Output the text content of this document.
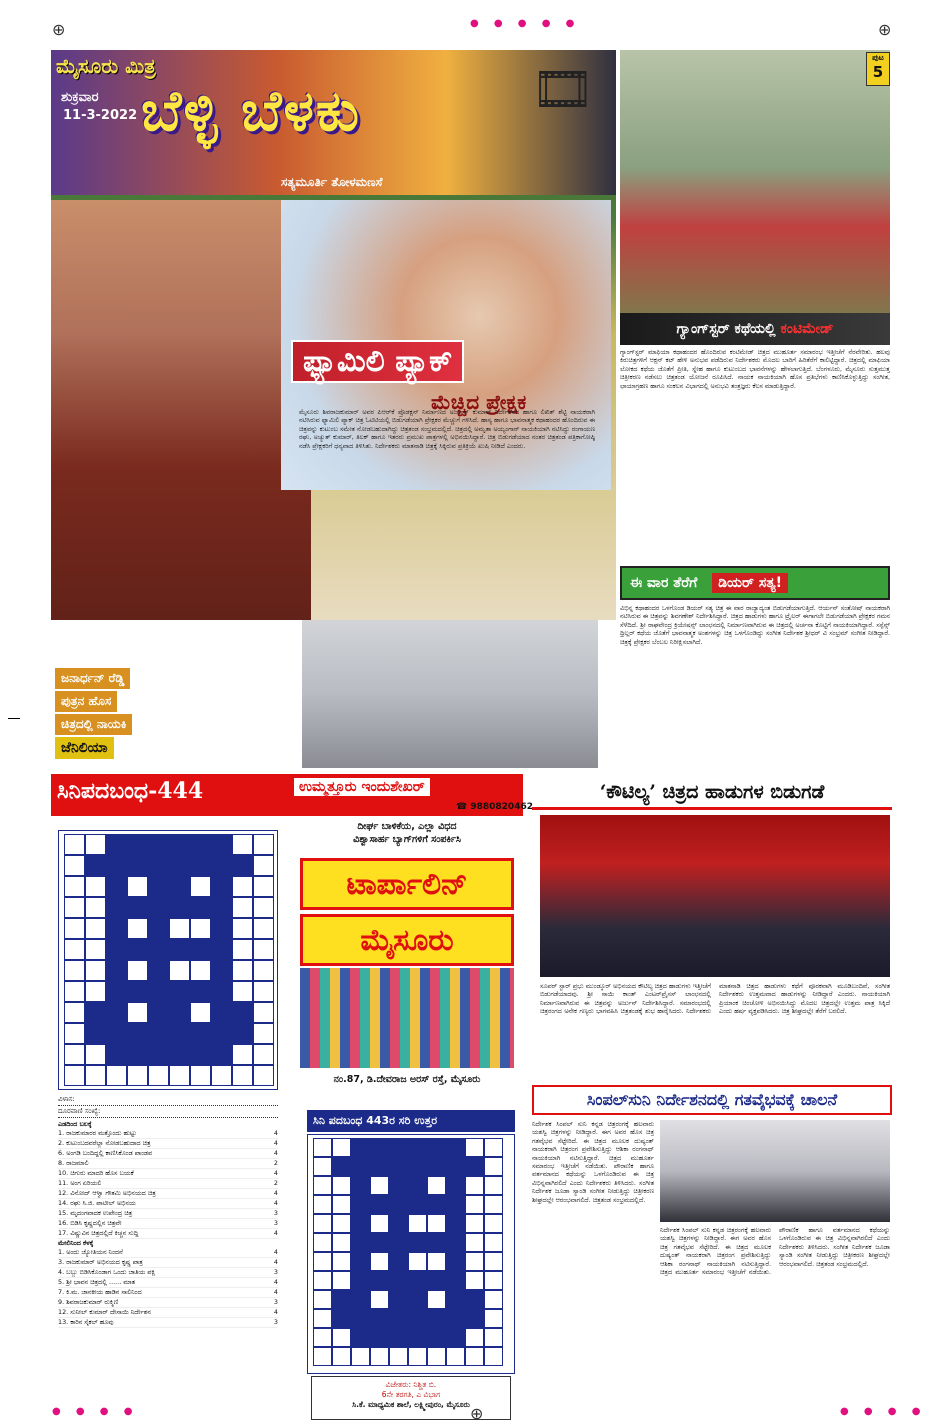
⊕	● ● ● ● ●	⊕
ಮೈಸೂರು ಮಿತ್ರ
ಶುಕ್ರವಾರ
11-3-2022 ಬೆಳ್ಳಿ ಬೆಳಕು
ಸತ್ಯಮೂರ್ತಿ ತೋಳಮಣಸೆ
🎞
ಫ್ಯಾಮಿಲಿ ಪ್ಯಾಕ್
ಮೆಚ್ಚಿದ ಪ್ರೇಕ್ಷಕ
ಮೈಸೂರು ಶಿವರಾಜಕುಮಾರ್ ಅವರ ಪಿಆರ್‌ಕೆ ಪ್ರೊಡಕ್ಷನ್ ನಿರ್ಮಾಣದ ಅರ್ಜುನ್ ಕುಮಾರ್ ನಿರ್ದೇಶನದ ಹಾಗೂ ಲಿಖಿತ್ ಶೆಟ್ಟಿ ನಾಯಕರಾಗಿ ನಟಿಸಿರುವ ಫ್ಯಾಮಿಲಿ ಪ್ಯಾಕ್ ಚಿತ್ರ ಓಟಿಟಿಯಲ್ಲಿ ಬಿಡುಗಡೆಯಾಗಿ ಪ್ರೇಕ್ಷಕರ ಮೆಚ್ಚುಗೆ ಗಳಿಸಿದೆ. ಹಾಸ್ಯ ಹಾಗೂ ಭಾವನಾತ್ಮಕ ಕಥಾಹಂದರ ಹೊಂದಿರುವ ಈ ಚಿತ್ರವನ್ನು ಕುಟುಂಬ ಸಮೇತ ನೋಡಬಹುದಾಗಿದ್ದು ಚಿತ್ರತಂಡ ಸಂಭ್ರಮದಲ್ಲಿದೆ. ಚಿತ್ರದಲ್ಲಿ ಅಮೃತಾ ಅಯ್ಯಂಗಾರ್ ನಾಯಕಿಯಾಗಿ ನಟಿಸಿದ್ದು ರಂಗಾಯಣ ರಘು, ಅಚ್ಯುತ್ ಕುಮಾರ್, ತಿಲಕ್ ಹಾಗೂ ಇತರರು ಪ್ರಮುಖ ಪಾತ್ರಗಳಲ್ಲಿ ಅಭಿನಯಿಸಿದ್ದಾರೆ. ಚಿತ್ರ ಬಿಡುಗಡೆಯಾದ ನಂತರ ಚಿತ್ರತಂಡ ಪತ್ರಿಕಾಗೋಷ್ಠಿ ನಡೆಸಿ ಪ್ರೇಕ್ಷಕರಿಗೆ ಧನ್ಯವಾದ ತಿಳಿಸಿತು. ನಿರ್ದೇಶಕರು ಮಾತನಾಡಿ ಚಿತ್ರಕ್ಕೆ ಸಿಕ್ಕಿರುವ ಪ್ರತಿಕ್ರಿಯೆ ಖುಷಿ ನೀಡಿದೆ ಎಂದರು.
ಜನಾರ್ಧನ್ ರೆಡ್ಡಿ
ಪುತ್ರನ ಹೊಸ
ಚಿತ್ರದಲ್ಲಿ ನಾಯಕಿ
ಜೆನಿಲಿಯಾ
ಪುಟ
5
ಗ್ಯಾಂಗ್‌ಸ್ಟರ್ ಕಥೆಯಲ್ಲಿ ಕಂಟಿಮೇಡ್
ಗ್ಯಾಂಗ್‌ಸ್ಟರ್ ಮಾಫಿಯಾ ಕಥಾಹಂದರ ಹೊಂದಿರುವ ಕಂಟಿಮೇಡ್ ಚಿತ್ರದ ಮುಹೂರ್ತ ಸಮಾರಂಭ ಇತ್ತೀಚೆಗೆ ನೆರವೇರಿತು. ಹಲವು ಕಿರುಚಿತ್ರಗಳಿಗೆ ಆಕ್ಷನ್ ಕಟ್ ಹೇಳಿ ಅನುಭವ ಪಡೆದಿರುವ ನಿರ್ದೇಶಕರು ಮೊದಲ ಬಾರಿಗೆ ಹಿರಿತೆರೆಗೆ ಕಾಲಿಟ್ಟಿದ್ದಾರೆ. ಚಿತ್ರದಲ್ಲಿ ಮಾಫಿಯಾ ಲೋಕದ ಕಥೆಯ ಜೊತೆಗೆ ಪ್ರೀತಿ, ಸ್ನೇಹ ಹಾಗೂ ಕುಟುಂಬದ ಭಾವನೆಗಳನ್ನು ಹೇಳಲಾಗುತ್ತಿದೆ. ಬೆಂಗಳೂರು, ಮೈಸೂರು ಸುತ್ತಮುತ್ತ ಚಿತ್ರೀಕರಣ ನಡೆಸಲು ಚಿತ್ರತಂಡ ಯೋಜನೆ ರೂಪಿಸಿದೆ. ನಾಯಕ ನಾಯಕಿಯಾಗಿ ಹೊಸ ಪ್ರತಿಭೆಗಳು ಕಾಣಿಸಿಕೊಳ್ಳುತ್ತಿದ್ದು ಸಂಗೀತ, ಛಾಯಾಗ್ರಹಣ ಹಾಗೂ ಸಂಕಲನ ವಿಭಾಗದಲ್ಲಿ ಅನುಭವಿ ತಂತ್ರಜ್ಞರು ಕೆಲಸ ಮಾಡುತ್ತಿದ್ದಾರೆ.
ಈ ವಾರ ತೆರೆಗೆ ಡಿಯರ್ ಸತ್ಯ!
ವಿಭಿನ್ನ ಕಥಾಹಂದರ ಒಳಗೊಂಡ ಡಿಯರ್ ಸತ್ಯ ಚಿತ್ರ ಈ ವಾರ ರಾಜ್ಯಾದ್ಯಂತ ಬಿಡುಗಡೆಯಾಗುತ್ತಿದೆ. ಆರ್ಯನ್ ಸಂತೋಷ್ ನಾಯಕರಾಗಿ ನಟಿಸಿರುವ ಈ ಚಿತ್ರವನ್ನು ಶಿವಗಣೇಶ್ ನಿರ್ದೇಶಿಸಿದ್ದಾರೆ. ಚಿತ್ರದ ಹಾಡುಗಳು ಹಾಗೂ ಟ್ರೈಲರ್ ಈಗಾಗಲೇ ಬಿಡುಗಡೆಯಾಗಿ ಪ್ರೇಕ್ಷಕರ ಗಮನ ಸೆಳೆದಿದೆ. ಶ್ರೀ ರಾಘವೇಂದ್ರ ಕ್ರಿಯೇಷನ್ಸ್ ಲಾಂಛನದಲ್ಲಿ ನಿರ್ಮಾಣವಾಗಿರುವ ಈ ಚಿತ್ರದಲ್ಲಿ ಅರ್ಚನಾ ಕೊಟ್ಟಿಗೆ ನಾಯಕಿಯಾಗಿದ್ದಾರೆ. ಸಸ್ಪೆನ್ಸ್ ಥ್ರಿಲ್ಲರ್ ಕಥೆಯ ಜೊತೆಗೆ ಭಾವನಾತ್ಮಕ ಅಂಶಗಳನ್ನು ಚಿತ್ರ ಒಳಗೊಂಡಿದ್ದು ಸಂಗೀತ ನಿರ್ದೇಶಕ ಶ್ರೀಧರ್ ವಿ ಸಂಭ್ರಮ್ ಸಂಗೀತ ನೀಡಿದ್ದಾರೆ. ಚಿತ್ರಕ್ಕೆ ಪ್ರೇಕ್ಷಕರ ಬೆಂಬಲ ನಿರೀಕ್ಷಿಸಲಾಗಿದೆ.
ಸಿನಿಪದಬಂಧ-444	ಉಮ್ಮತ್ತೂರು ಇಂದುಶೇಖರ್
☎ 9880820462
ವಿಳಾಸ:
ದೂರವಾಣಿ ಸಂಖ್ಯೆ:
ಎಡದಿಂದ ಬಲಕ್ಕೆ
1. ರಾಜಕುಮಾರರ ಮತ್ತೊಂದು ಹುಟ್ಟು	4
2. ಕುಟುಂಬದವರೆಲ್ಲಾ ನೋಡಬಹುದಾದ ಚಿತ್ರ	4
6. ಅಂಗಡಿ ಬಂದಿದ್ದಲ್ಲಿ ಕಾಣಿಸಿಕೊಂಡ ಪಾಂಡವ	4
8. ರಾಜಮಾಲಿ	2
10. ಚಿಗುರು ಮಾದರಿ ಹೊಸ ಬಯಕೆ	4
11. ಅಂಗ ಏರಿಯಲಿ	2
12. ವಿನೋದ್ ಆಳ್ವಾ ಗೌತಮಿ ಅಭಿನಯದ ಚಿತ್ರ	4
14. ರಘು ಸಿ.ಜಿ. ಪಾಟೀಲ್ ಅಭಿನಯ	4
15. ಮೃದಂಗವಾದಕ ಉಪೇಂದ್ರ ಚಿತ್ರ	3
16. ಬಿಡಿಸಿ ಕೃಷ್ಣದಲ್ಲಿನ ಚಿತ್ರವೇ	3
17. ವಿಷ್ಣುವಿನ ಚಿತ್ರದಲ್ಲಿದೆ ಕಿಚ್ಚನ ಸುದ್ದಿ	4
ಮೇಲಿನಿಂದ ಕೆಳಕ್ಕೆ
1. ಅಂದು ಜ್ಯೋತಿಯನ ನಿಂದನೆ	4
3. ರಾಜಕುಮಾರ್ ಅಭಿನಯದ ಕೃಷ್ಣ ಪಾತ್ರ	4
4. ಬಬ್ಬು ಬಿಡಿಸಿಕೊಂಡಾಗ ಒಂದು ಜಾತಿಯ ಪಕ್ಷಿ	3
5. ಶ್ರೀ ಭಾವನ ಚಿತ್ರದಲ್ಲಿ ...... ಮಾತ	4
7. ಕಿ.ಮ. ಜಾನಕೀಯ ಹಾಡಿನ ಸಾಲಿನಿಂದ	4
9. ಶಿವರಾಜಕುಮಾರ್ ರುಕ್ಮಿಣಿ	3
12. ಸುನೀಲ್ ಕುಮಾರ್ ದೇಸಾಯಿ ನಿರ್ದೇಶನ	4
13. ಕಾರಿನ ಸೈಕಲ್ ಹೂವು	3
ದೀರ್ಘ ಬಾಳಿಕೆಯ, ಎಲ್ಲಾ ವಿಧದ
ವಿಶ್ವಾಸಾರ್ಹ ಬ್ಯಾಗ್‌ಗಳಿಗೆ ಸಂಪರ್ಕಿಸಿ
ಟಾರ್ಪಾಲಿನ್
ಮೈಸೂರು
ನಂ.87, ಡಿ.ದೇವರಾಜ ಅರಸ್ ರಸ್ತೆ, ಮೈಸೂರು
ಸಿನಿ ಪದಬಂಧ 443ರ ಸರಿ ಉತ್ತರ
ವಿಜೇತರು: ನಿಶ್ಚಿತ ಬಿ.
6ನೇ ತರಗತಿ, ಎ ವಿಭಾಗ
ಸಿ.ಕೆ. ಮಾಧ್ಯಮಿಕ ಶಾಲೆ, ಲಕ್ಷ್ಮೀಪುರಂ, ಮೈಸೂರು
‘ಕೌಟಿಲ್ಯ’ ಚಿತ್ರದ ಹಾಡುಗಳ ಬಿಡುಗಡೆ
ಸೂಪರ್ ಸ್ಟಾರ್ ಪ್ರಭು ಮುಂಡ್ಕೂರ್ ಅಭಿನಯದ ಕೌಟಿಲ್ಯ ಚಿತ್ರದ ಹಾಡುಗಳು ಇತ್ತೀಚೆಗೆ ಬಿಡುಗಡೆಯಾದವು. ಶ್ರೀ ಸಾಯಿ ಕಾಂತ್ ಎಂಟರ್‌ಪ್ರೈಸಸ್ ಲಾಂಛನದಲ್ಲಿ ನಿರ್ಮಾಣವಾಗಿರುವ ಈ ಚಿತ್ರವನ್ನು ಅರ್ಜುನ್ ನಿರ್ದೇಶಿಸಿದ್ದಾರೆ. ಸಮಾರಂಭದಲ್ಲಿ ಚಿತ್ರರಂಗದ ಅನೇಕ ಗಣ್ಯರು ಭಾಗವಹಿಸಿ ಚಿತ್ರತಂಡಕ್ಕೆ ಶುಭ ಹಾರೈಸಿದರು. ನಿರ್ದೇಶಕರು ಮಾತನಾಡಿ ಚಿತ್ರದ ಹಾಡುಗಳು ಕಥೆಗೆ ಪೂರಕವಾಗಿ ಮೂಡಿಬಂದಿವೆ, ಸಂಗೀತ ನಿರ್ದೇಶಕರು ಉತ್ತಮವಾದ ಹಾಡುಗಳನ್ನು ನೀಡಿದ್ದಾರೆ ಎಂದರು. ನಾಯಕಿಯಾಗಿ ಪ್ರಿಯಾಂಕ ಚಿಂಚೋಳಿ ಅಭಿನಯಿಸಿದ್ದು ಮೊದಲ ಚಿತ್ರದಲ್ಲೇ ಉತ್ತಮ ಪಾತ್ರ ಸಿಕ್ಕಿದೆ ಎಂದು ಹರ್ಷ ವ್ಯಕ್ತಪಡಿಸಿದರು. ಚಿತ್ರ ಶೀಘ್ರದಲ್ಲೇ ತೆರೆಗೆ ಬರಲಿದೆ.
ಸಿಂಪಲ್‌ಸುನಿ ನಿರ್ದೇಶನದಲ್ಲಿ ಗತವೈಭವಕ್ಕೆ ಚಾಲನೆ
ನಿರ್ದೇಶಕ ಸಿಂಪಲ್ ಸುನಿ ಕನ್ನಡ ಚಿತ್ರರಂಗಕ್ಕೆ ಹಲವಾರು ಯಶಸ್ವಿ ಚಿತ್ರಗಳನ್ನು ನೀಡಿದ್ದಾರೆ. ಈಗ ಅವರ ಹೊಸ ಚಿತ್ರ ಗತವೈಭವ ಸೆಟ್ಟೇರಿದೆ. ಈ ಚಿತ್ರದ ಮೂಲಕ ದುಷ್ಯಂತ್ ನಾಯಕರಾಗಿ ಚಿತ್ರರಂಗ ಪ್ರವೇಶಿಸುತ್ತಿದ್ದು ಆಶಿಕಾ ರಂಗನಾಥ್ ನಾಯಕಿಯಾಗಿ ನಟಿಸುತ್ತಿದ್ದಾರೆ. ಚಿತ್ರದ ಮುಹೂರ್ತ ಸಮಾರಂಭ ಇತ್ತೀಚೆಗೆ ನಡೆಯಿತು. ಪೌರಾಣಿಕ ಹಾಗೂ ವರ್ತಮಾನದ ಕಥೆಯನ್ನು ಒಳಗೊಂಡಿರುವ ಈ ಚಿತ್ರ ವಿಭಿನ್ನವಾಗಿರಲಿದೆ ಎಂದು ನಿರ್ದೇಶಕರು ತಿಳಿಸಿದರು. ಸಂಗೀತ ನಿರ್ದೇಶಕ ಜೂಡಾ ಸ್ಯಾಂಡಿ ಸಂಗೀತ ನೀಡುತ್ತಿದ್ದು ಚಿತ್ರೀಕರಣ ಶೀಘ್ರದಲ್ಲೇ ಆರಂಭವಾಗಲಿದೆ. ಚಿತ್ರತಂಡ ಸಂಭ್ರಮದಲ್ಲಿದೆ.
ನಿರ್ದೇಶಕ ಸಿಂಪಲ್ ಸುನಿ ಕನ್ನಡ ಚಿತ್ರರಂಗಕ್ಕೆ ಹಲವಾರು ಯಶಸ್ವಿ ಚಿತ್ರಗಳನ್ನು ನೀಡಿದ್ದಾರೆ. ಈಗ ಅವರ ಹೊಸ ಚಿತ್ರ ಗತವೈಭವ ಸೆಟ್ಟೇರಿದೆ. ಈ ಚಿತ್ರದ ಮೂಲಕ ದುಷ್ಯಂತ್ ನಾಯಕರಾಗಿ ಚಿತ್ರರಂಗ ಪ್ರವೇಶಿಸುತ್ತಿದ್ದು ಆಶಿಕಾ ರಂಗನಾಥ್ ನಾಯಕಿಯಾಗಿ ನಟಿಸುತ್ತಿದ್ದಾರೆ. ಚಿತ್ರದ ಮುಹೂರ್ತ ಸಮಾರಂಭ ಇತ್ತೀಚೆಗೆ ನಡೆಯಿತು. ಪೌರಾಣಿಕ ಹಾಗೂ ವರ್ತಮಾನದ ಕಥೆಯನ್ನು ಒಳಗೊಂಡಿರುವ ಈ ಚಿತ್ರ ವಿಭಿನ್ನವಾಗಿರಲಿದೆ ಎಂದು ನಿರ್ದೇಶಕರು ತಿಳಿಸಿದರು. ಸಂಗೀತ ನಿರ್ದೇಶಕ ಜೂಡಾ ಸ್ಯಾಂಡಿ ಸಂಗೀತ ನೀಡುತ್ತಿದ್ದು ಚಿತ್ರೀಕರಣ ಶೀಘ್ರದಲ್ಲೇ ಆರಂಭವಾಗಲಿದೆ. ಚಿತ್ರತಂಡ ಸಂಭ್ರಮದಲ್ಲಿದೆ.
● ● ● ●	⊕	● ● ● ●
